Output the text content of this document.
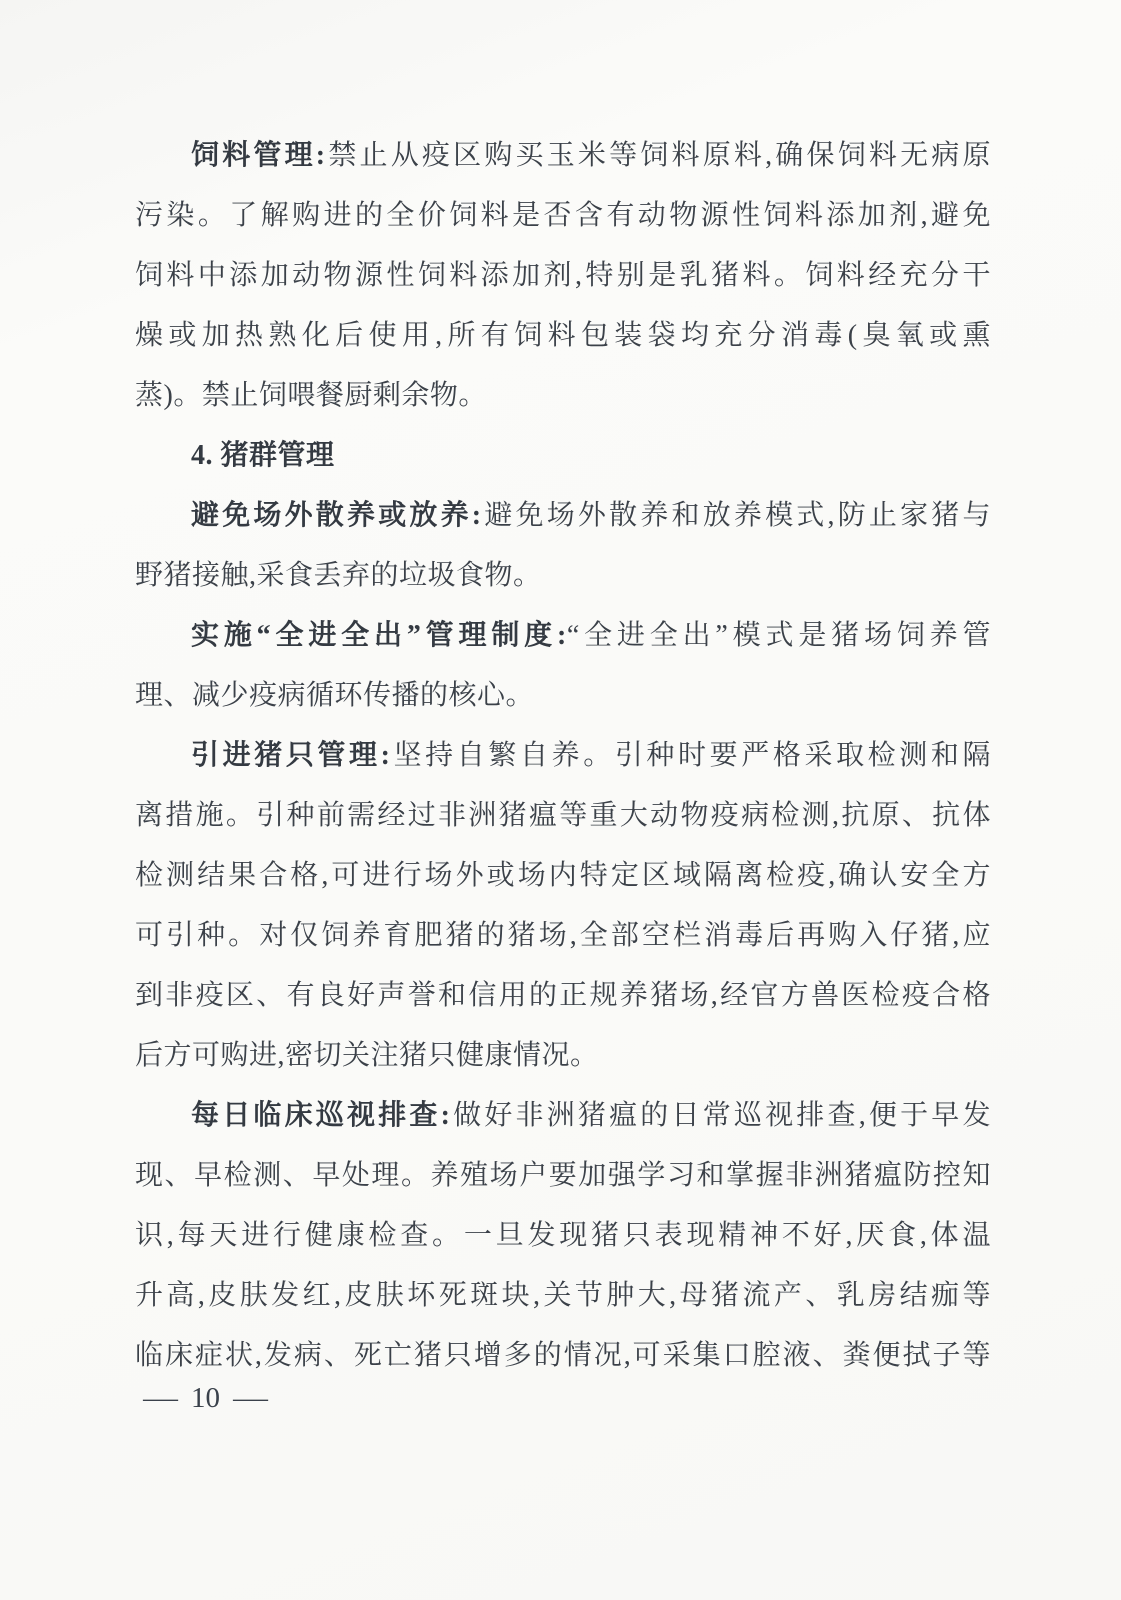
饲料管理:禁止从疫区购买玉米等饲料原料,确保饲料无病原
污染。了解购进的全价饲料是否含有动物源性饲料添加剂,避免
饲料中添加动物源性饲料添加剂,特别是乳猪料。饲料经充分干
燥或加热熟化后使用,所有饲料包装袋均充分消毒(臭氧或熏
蒸)。禁止饲喂餐厨剩余物。
4. 猪群管理
避免场外散养或放养:避免场外散养和放养模式,防止家猪与
野猪接触,采食丢弃的垃圾食物。
实施“全进全出”管理制度:“全进全出”模式是猪场饲养管
理、减少疫病循环传播的核心。
引进猪只管理:坚持自繁自养。引种时要严格采取检测和隔
离措施。引种前需经过非洲猪瘟等重大动物疫病检测,抗原、抗体
检测结果合格,可进行场外或场内特定区域隔离检疫,确认安全方
可引种。对仅饲养育肥猪的猪场,全部空栏消毒后再购入仔猪,应
到非疫区、有良好声誉和信用的正规养猪场,经官方兽医检疫合格
后方可购进,密切关注猪只健康情况。
每日临床巡视排查:做好非洲猪瘟的日常巡视排查,便于早发
现、早检测、早处理。养殖场户要加强学习和掌握非洲猪瘟防控知
识,每天进行健康检查。一旦发现猪只表现精神不好,厌食,体温
升高,皮肤发红,皮肤坏死斑块,关节肿大,母猪流产、乳房结痂等
临床症状,发病、死亡猪只增多的情况,可采集口腔液、粪便拭子等
— 10 —
